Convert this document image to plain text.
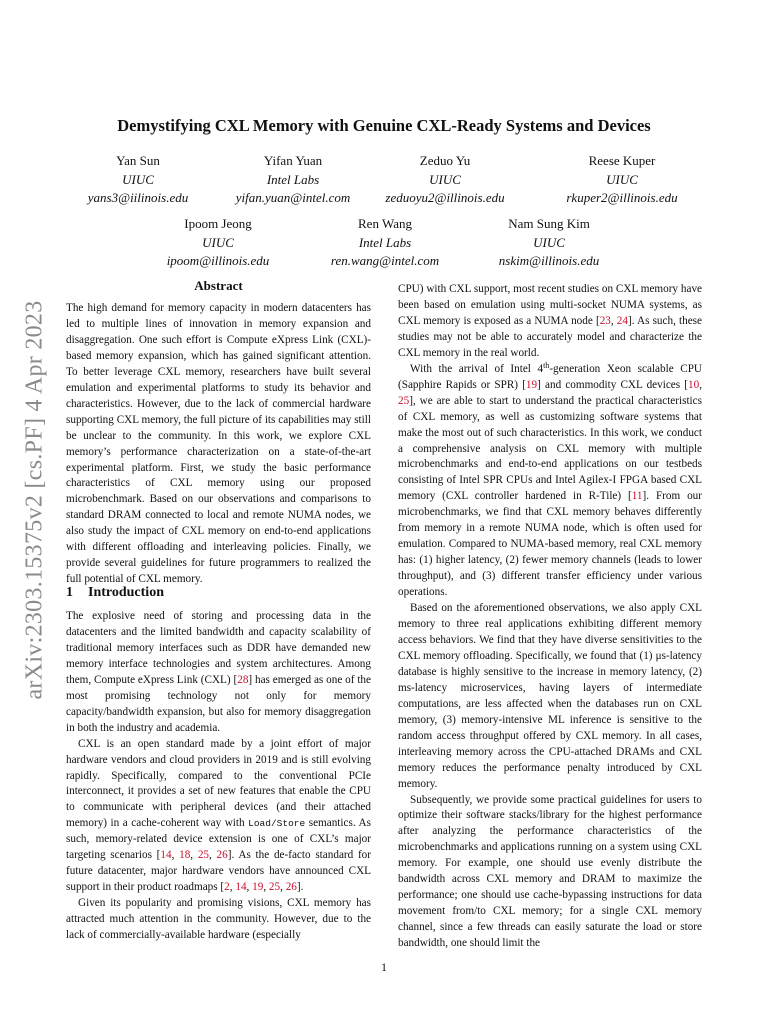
arXiv:2303.15375v2 [cs.PF] 4 Apr 2023
Demystifying CXL Memory with Genuine CXL-Ready Systems and Devices
Yan Sun
UIUC
yans3@iilinois.edu
Yifan Yuan
Intel Labs
yifan.yuan@intel.com
Zeduo Yu
UIUC
zeduoyu2@illinois.edu
Reese Kuper
UIUC
rkuper2@illinois.edu
Ipoom Jeong
UIUC
ipoom@illinois.edu
Ren Wang
Intel Labs
ren.wang@intel.com
Nam Sung Kim
UIUC
nskim@illinois.edu
Abstract

The high demand for memory capacity in modern datacenters has led to multiple lines of innovation in memory expansion and disaggregation. One such effort is Compute eXpress Link (CXL)-based memory expansion, which has gained significant attention. To better leverage CXL memory, researchers have built several emulation and experimental platforms to study its behavior and characteristics. However, due to the lack of commercial hardware supporting CXL memory, the full picture of its capabilities may still be unclear to the community. In this work, we explore CXL memory’s performance characterization on a state-of-the-art experimental platform. First, we study the basic performance characteristics of CXL memory using our proposed microbenchmark. Based on our observations and comparisons to standard DRAM connected to local and remote NUMA nodes, we also study the impact of CXL memory on end-to-end applications with different offloading and interleaving policies. Finally, we provide several guidelines for future programmers to realized the full potential of CXL memory.

1 Introduction

The explosive need of storing and processing data in the datacenters and the limited bandwidth and capacity scalability of traditional memory interfaces such as DDR have demanded new memory interface technologies and system architectures. Among them, Compute eXpress Link (CXL) [28] has emerged as one of the most promising technology not only for memory capacity/bandwidth expansion, but also for memory disaggregation in both the industry and academia.

CXL is an open standard made by a joint effort of major hardware vendors and cloud providers in 2019 and is still evolving rapidly. Specifically, compared to the conventional PCIe interconnect, it provides a set of new features that enable the CPU to communicate with peripheral devices (and their attached memory) in a cache-coherent way with Load/Store semantics. As such, memory-related device extension is one of CXL’s major targeting scenarios [14, 18, 25, 26]. As the de-facto standard for future datacenter, major hardware vendors have announced CXL support in their product roadmaps [2, 14, 19, 25, 26].

Given its popularity and promising visions, CXL memory has attracted much attention in the community. However, due to the lack of commercially-available hardware (especially

CPU) with CXL support, most recent studies on CXL memory have been based on emulation using multi-socket NUMA systems, as CXL memory is exposed as a NUMA node [23, 24]. As such, these studies may not be able to accurately model and characterize the CXL memory in the real world.

With the arrival of Intel 4th-generation Xeon scalable CPU (Sapphire Rapids or SPR) [19] and commodity CXL devices [10, 25], we are able to start to understand the practical characteristics of CXL memory, as well as customizing software systems that make the most out of such characteristics. In this work, we conduct a comprehensive analysis on CXL memory with multiple microbenchmarks and end-to-end applications on our testbeds consisting of Intel SPR CPUs and Intel Agilex-I FPGA based CXL memory (CXL controller hardened in R-Tile) [11]. From our microbenchmarks, we find that CXL memory behaves differently from memory in a remote NUMA node, which is often used for emulation. Compared to NUMA-based memory, real CXL memory has: (1) higher latency, (2) fewer memory channels (leads to lower throughput), and (3) different transfer efficiency under various operations.

Based on the aforementioned observations, we also apply CXL memory to three real applications exhibiting different memory access behaviors. We find that they have diverse sensitivities to the CXL memory offloading. Specifically, we found that (1) μs-latency database is highly sensitive to the increase in memory latency, (2) ms-latency microservices, having layers of intermediate computations, are less affected when the databases run on CXL memory, (3) memory-intensive ML inference is sensitive to the random access throughput offered by CXL memory. In all cases, interleaving memory across the CPU-attached DRAMs and CXL memory reduces the performance penalty introduced by CXL memory.

Subsequently, we provide some practical guidelines for users to optimize their software stacks/library for the highest performance after analyzing the performance characteristics of the microbenchmarks and applications running on a system using CXL memory. For example, one should use evenly distribute the bandwidth across CXL memory and DRAM to maximize the performance; one should use cache-bypassing instructions for data movement from/to CXL memory; for a single CXL memory channel, since a few threads can easily saturate the load or store bandwidth, one should limit the

1
